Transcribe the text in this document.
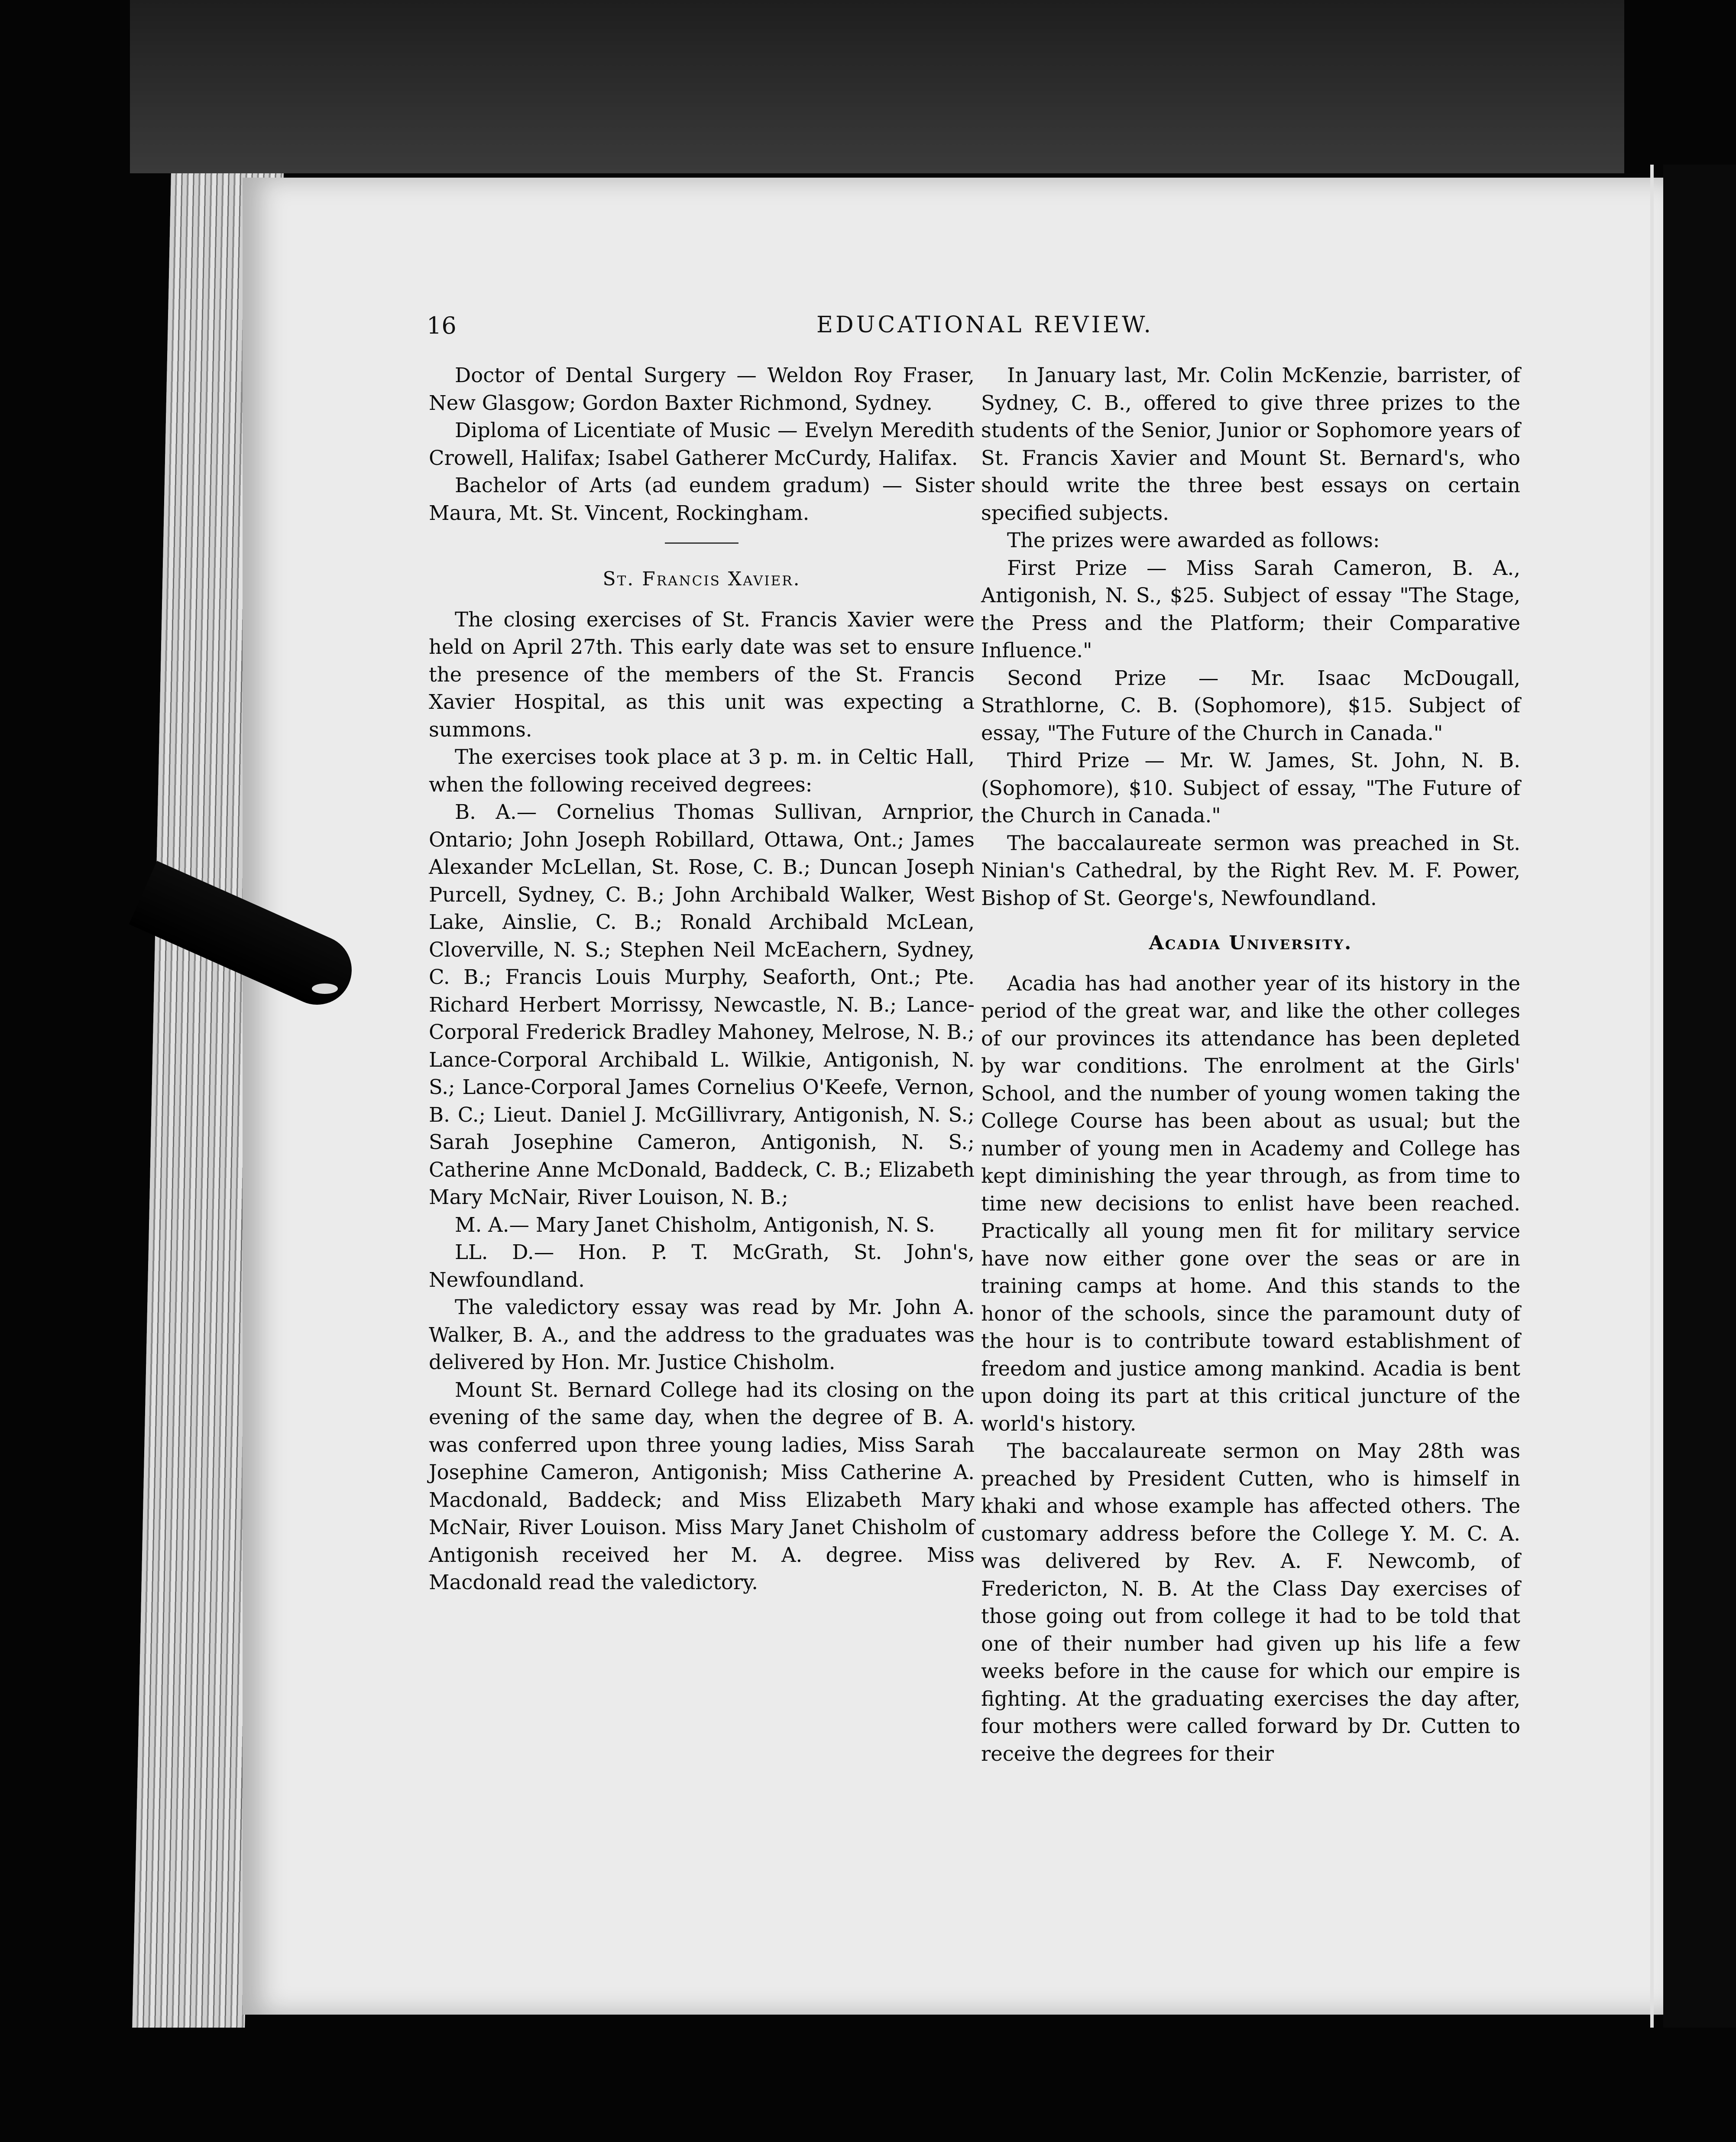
16	EDUCATIONAL REVIEW.

Doctor of Dental Surgery — Weldon Roy Fraser, New Glasgow; Gordon Baxter Richmond, Sydney.

Diploma of Licentiate of Music — Evelyn Meredith Crowell, Halifax; Isabel Gatherer McCurdy, Halifax.

Bachelor of Arts (ad eundem gradum) — Sister Maura, Mt. St. Vincent, Rockingham.

St. Francis Xavier.

The closing exercises of St. Francis Xavier were held on April 27th. This early date was set to ensure the presence of the members of the St. Francis Xavier Hospital, as this unit was expecting a summons.

The exercises took place at 3 p. m. in Celtic Hall, when the following received degrees:

B. A.— Cornelius Thomas Sullivan, Arnprior, Ontario; John Joseph Robillard, Ottawa, Ont.; James Alexander McLellan, St. Rose, C. B.; Duncan Joseph Purcell, Sydney, C. B.; John Archibald Walker, West Lake, Ainslie, C. B.; Ronald Archibald McLean, Cloverville, N. S.; Stephen Neil McEachern, Sydney, C. B.; Francis Louis Murphy, Seaforth, Ont.; Pte. Richard Herbert Morrissy, Newcastle, N. B.; Lance-Corporal Frederick Bradley Mahoney, Melrose, N. B.; Lance-Corporal Archibald L. Wilkie, Antigonish, N. S.; Lance-Corporal James Cornelius O'Keefe, Vernon, B. C.; Lieut. Daniel J. McGillivrary, Antigonish, N. S.; Sarah Josephine Cameron, Antigonish, N. S.; Catherine Anne McDonald, Baddeck, C. B.; Elizabeth Mary McNair, River Louison, N. B.;

M. A.— Mary Janet Chisholm, Antigonish, N. S.

LL. D.— Hon. P. T. McGrath, St. John's, Newfoundland.

The valedictory essay was read by Mr. John A. Walker, B. A., and the address to the graduates was delivered by Hon. Mr. Justice Chisholm.

Mount St. Bernard College had its closing on the evening of the same day, when the degree of B. A. was conferred upon three young ladies, Miss Sarah Josephine Cameron, Antigonish; Miss Catherine A. Macdonald, Baddeck; and Miss Elizabeth Mary McNair, River Louison. Miss Mary Janet Chisholm of Antigonish received her M. A. degree. Miss Macdonald read the valedictory.

In January last, Mr. Colin McKenzie, barrister, of Sydney, C. B., offered to give three prizes to the students of the Senior, Junior or Sophomore years of St. Francis Xavier and Mount St. Bernard's, who should write the three best essays on certain specified subjects.

The prizes were awarded as follows:

First Prize — Miss Sarah Cameron, B. A., Antigonish, N. S., $25. Subject of essay "The Stage, the Press and the Platform; their Comparative Influence."

Second Prize — Mr. Isaac McDougall, Strathlorne, C. B. (Sophomore), $15. Subject of essay, "The Future of the Church in Canada."

Third Prize — Mr. W. James, St. John, N. B. (Sophomore), $10. Subject of essay, "The Future of the Church in Canada."

The baccalaureate sermon was preached in St. Ninian's Cathedral, by the Right Rev. M. F. Power, Bishop of St. George's, Newfoundland.

Acadia University.

Acadia has had another year of its history in the period of the great war, and like the other colleges of our provinces its attendance has been depleted by war conditions. The enrolment at the Girls' School, and the number of young women taking the College Course has been about as usual; but the number of young men in Academy and College has kept diminishing the year through, as from time to time new decisions to enlist have been reached. Practically all young men fit for military service have now either gone over the seas or are in training camps at home. And this stands to the honor of the schools, since the paramount duty of the hour is to contribute toward establishment of freedom and justice among mankind. Acadia is bent upon doing its part at this critical juncture of the world's history.

The baccalaureate sermon on May 28th was preached by President Cutten, who is himself in khaki and whose example has affected others. The customary address before the College Y. M. C. A. was delivered by Rev. A. F. Newcomb, of Fredericton, N. B. At the Class Day exercises of those going out from college it had to be told that one of their number had given up his life a few weeks before in the cause for which our empire is fighting. At the graduating exercises the day after, four mothers were called forward by Dr. Cutten to receive the degrees for their
